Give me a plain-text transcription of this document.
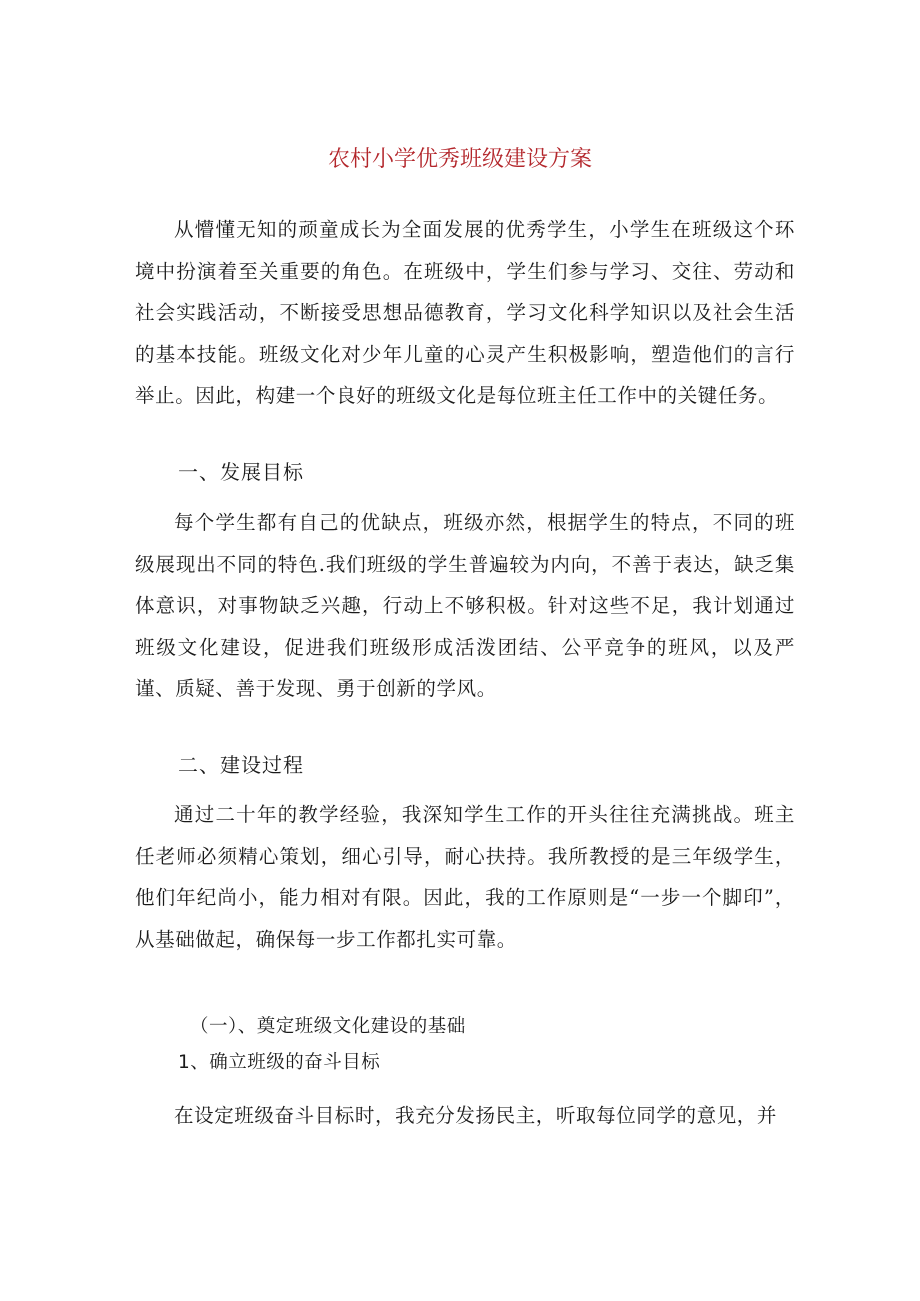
农村小学优秀班级建设方案

从懵懂无知的顽童成长为全面发展的优秀学生，小学生在班级这个环境中扮演着至关重要的角色。在班级中，学生们参与学习、交往、劳动和社会实践活动，不断接受思想品德教育，学习文化科学知识以及社会生活的基本技能。班级文化对少年儿童的心灵产生积极影响，塑造他们的言行举止。因此，构建一个良好的班级文化是每位班主任工作中的关键任务。

一、发展目标

每个学生都有自己的优缺点，班级亦然，根据学生的特点，不同的班级展现出不同的特色.我们班级的学生普遍较为内向，不善于表达，缺乏集体意识，对事物缺乏兴趣，行动上不够积极。针对这些不足，我计划通过班级文化建设，促进我们班级形成活泼团结、公平竞争的班风，以及严谨、质疑、善于发现、勇于创新的学风。

二、建设过程

通过二十年的教学经验，我深知学生工作的开头往往充满挑战。班主任老师必须精心策划，细心引导，耐心扶持。我所教授的是三年级学生，他们年纪尚小，能力相对有限。因此，我的工作原则是“一步一个脚印”，从基础做起，确保每一步工作都扎实可靠。

（一）、奠定班级文化建设的基础

1、确立班级的奋斗目标

在设定班级奋斗目标时，我充分发扬民主，听取每位同学的意见，并
